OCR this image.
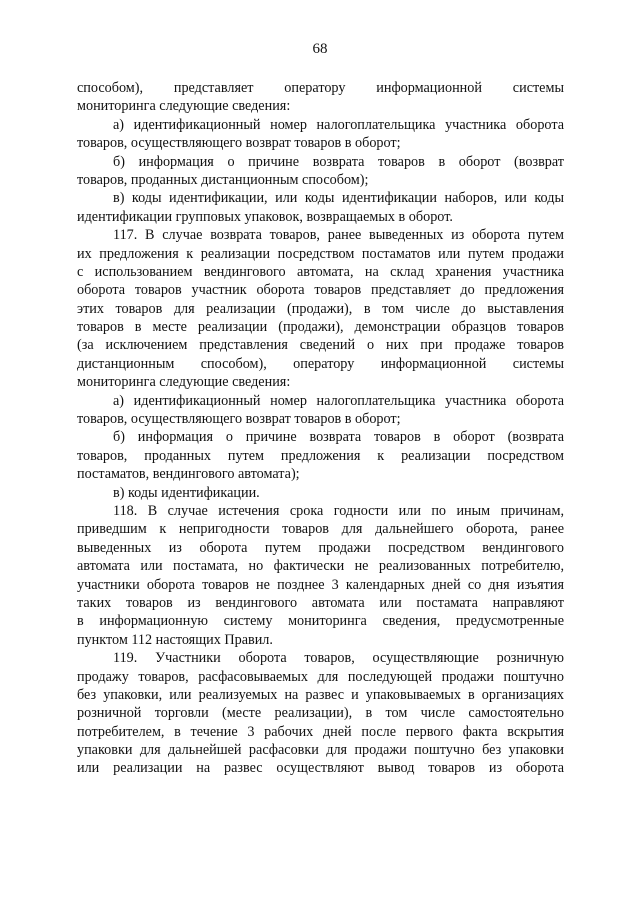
68
способом), представляет оператору информационной системы
мониторинга следующие сведения:
а) идентификационный номер налогоплательщика участника оборота
товаров, осуществляющего возврат товаров в оборот;
б) информация о причине возврата товаров в оборот (возврат
товаров, проданных дистанционным способом);
в) коды идентификации, или коды идентификации наборов, или коды
идентификации групповых упаковок, возвращаемых в оборот.
117. В случае возврата товаров, ранее выведенных из оборота путем
их предложения к реализации посредством постаматов или путем продажи
с использованием вендингового автомата, на склад хранения участника
оборота товаров участник оборота товаров представляет до предложения
этих товаров для реализации (продажи), в том числе до выставления
товаров в месте реализации (продажи), демонстрации образцов товаров
(за исключением представления сведений о них при продаже товаров
дистанционным способом), оператору информационной системы
мониторинга следующие сведения:
а) идентификационный номер налогоплательщика участника оборота
товаров, осуществляющего возврат товаров в оборот;
б) информация о причине возврата товаров в оборот (возврата
товаров, проданных путем предложения к реализации посредством
постаматов, вендингового автомата);
в) коды идентификации.
118. В случае истечения срока годности или по иным причинам,
приведшим к непригодности товаров для дальнейшего оборота, ранее
выведенных из оборота путем продажи посредством вендингового
автомата или постамата, но фактически не реализованных потребителю,
участники оборота товаров не позднее 3 календарных дней со дня изъятия
таких товаров из вендингового автомата или постамата направляют
в информационную систему мониторинга сведения, предусмотренные
пунктом 112 настоящих Правил.
119. Участники оборота товаров, осуществляющие розничную
продажу товаров, расфасовываемых для последующей продажи поштучно
без упаковки, или реализуемых на развес и упаковываемых в организациях
розничной торговли (месте реализации), в том числе самостоятельно
потребителем, в течение 3 рабочих дней после первого факта вскрытия
упаковки для дальнейшей расфасовки для продажи поштучно без упаковки
или реализации на развес осуществляют вывод товаров из оборота
